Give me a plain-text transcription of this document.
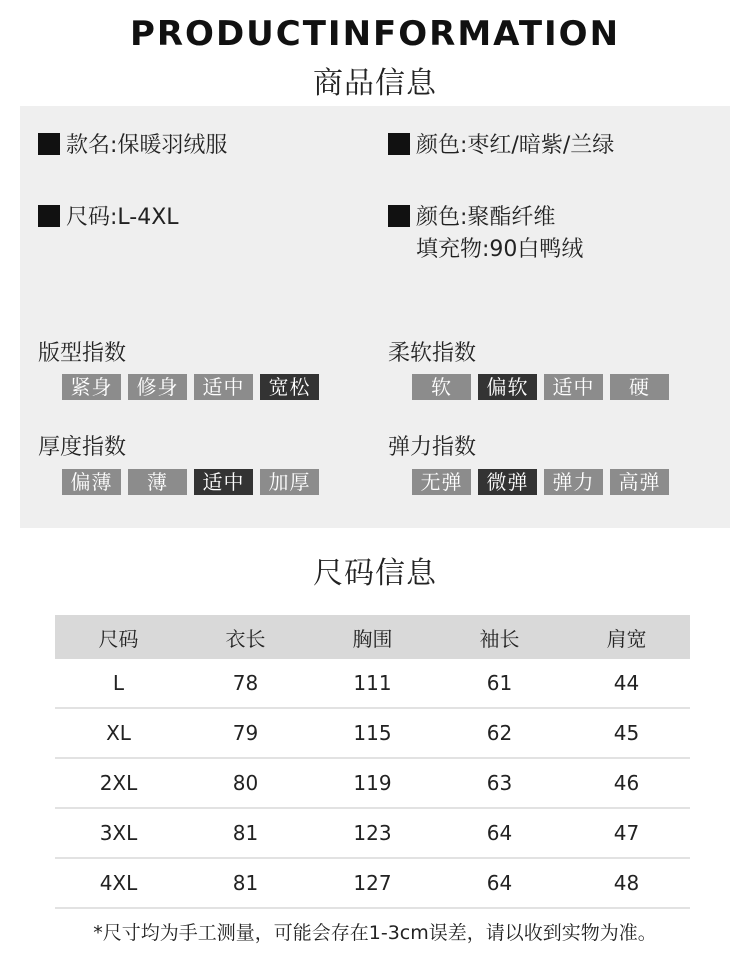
PRODUCTINFORMATION
商品信息
款名:保暖羽绒服	颜色:枣红/暗紫/兰绿
尺码:L-4XL	颜色:聚酯纤维
填充物:90白鸭绒
版型指数
紧身	修身	适中	宽松
柔软指数
软	偏软	适中	硬
厚度指数
偏薄	薄	适中	加厚
弹力指数
无弹	微弹	弹力	高弹
尺码信息
尺码	衣长	胸围	袖长	肩宽
L	78	111	61	44
XL	79	115	62	45
2XL	80	119	63	46
3XL	81	123	64	47
4XL	81	127	64	48
*尺寸均为手工测量，可能会存在1-3cm误差，请以收到实物为准。
